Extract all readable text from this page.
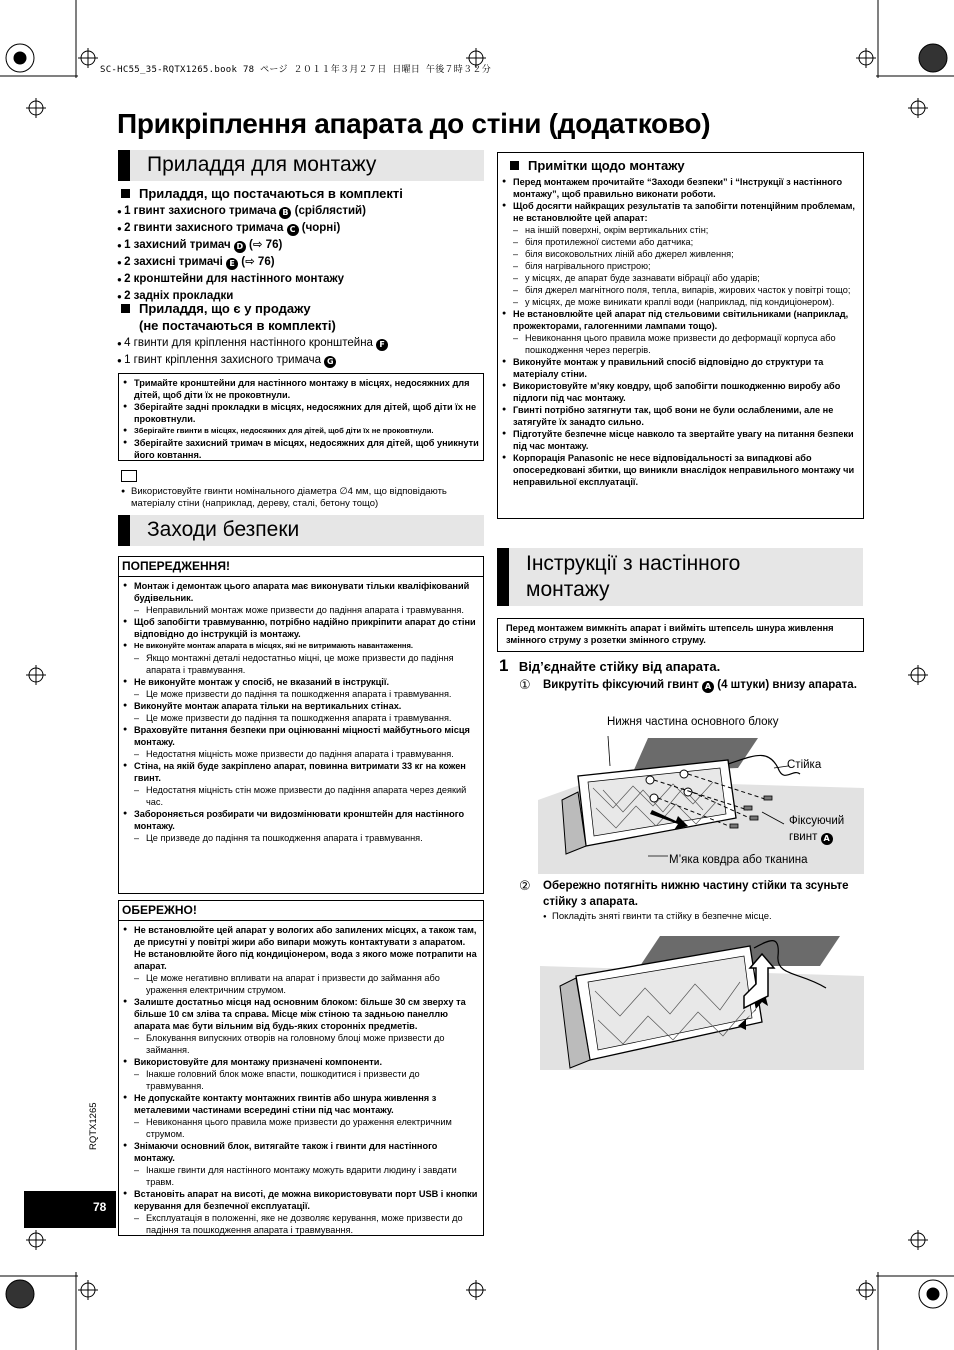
SC-HC55_35-RQTX1265.book 78 ページ ２０１１年３月２７日 日曜日 午後７時３２分
Прикріплення апарата до стіни (додатково)
Приладдя для монтажу
Приладдя, що постачаються в комплекті
● 1 гвинт захисного тримача B (сріблястий)
● 2 гвинти захисного тримача C (чорні)
● 1 захисний тримач D (⇨ 76)
● 2 захисні тримачі E (⇨ 76)
● 2 кронштейни для настінного монтажу
● 2 задніх прокладки
Приладдя, що є у продажу
(не постачаються в комплекті)
● 4 гвинти для кріплення настінного кронштейна F
● 1 гвинт кріплення захисного тримача G
● Тримайте кронштейни для настінного монтажу в місцях, недосяжних для дітей, щоб діти їх не проковтнули.
● Зберігайте задні прокладки в місцях, недосяжних для дітей, щоб діти їх не проковтнули.
● Зберігайте гвинти в місцях, недосяжних для дітей, щоб діти їх не проковтнули.
● Зберігайте захисний тримач в місцях, недосяжних для дітей, щоб уникнути його ковтання.
● Використовуйте гвинти номінального діаметра ∅4 мм, що відповідають матеріалу стіни (наприклад, дереву, сталі, бетону тощо)
Заходи безпеки
ПОПЕРЕДЖЕННЯ!
● Монтаж і демонтаж цього апарата має виконувати тільки кваліфікований будівельник.
– Неправильний монтаж може призвести до падіння апарата і травмування.
● Щоб запобігти травмуванню, потрібно надійно прикріпити апарат до стіни відповідно до інструкцій із монтажу.
● Не виконуйте монтаж апарата в місцях, які не витримають навантаження.
– Якщо монтажні деталі недостатньо міцні, це може призвести до падіння апарата і травмування.
● Не виконуйте монтаж у спосіб, не вказаний в інструкції.
– Це може призвести до падіння та пошкодження апарата і травмування.
● Виконуйте монтаж апарата тільки на вертикальних стінах.
– Це може призвести до падіння та пошкодження апарата і травмування.
● Враховуйте питання безпеки при оцінюванні міцності майбутнього місця монтажу.
– Недостатня міцність може призвести до падіння апарата і травмування.
● Стіна, на якій буде закріплено апарат, повинна витримати 33 кг на кожен гвинт.
– Недостатня міцність стін може призвести до падіння апарата через деякий час.
● Забороняється розбирати чи видозмінювати кронштейн для настінного монтажу.
– Це призведе до падіння та пошкодження апарата і травмування.
ОБЕРЕЖНО!
● Не встановлюйте цей апарат у вологих або запилених місцях, а також там, де присутні у повітрі жири або випари можуть контактувати з апаратом. Не встановлюйте його під кондиціонером, вода з якого може потрапити на апарат.
– Це може негативно впливати на апарат і призвести до займання або ураження електричним струмом.
● Залиште достатньо місця над основним блоком: більше 30 см зверху та більше 10 см зліва та справа. Місце між стіною та задньою панеллю апарата має бути вільним від будь-яких сторонніх предметів.
– Блокування випускних отворів на головному блоці може призвести до займання.
● Використовуйте для монтажу призначені компоненти.
– Інакше головний блок може впасти, пошкодитися і призвести до травмування.
● Не допускайте контакту монтажних гвинтів або шнура живлення з металевими частинами всередині стіни під час монтажу.
– Невиконання цього правила може призвести до ураження електричним струмом.
● Знімаючи основний блок, витягайте також і гвинти для настінного монтажу.
– Інакше гвинти для настінного монтажу можуть вдарити людину і завдати травм.
● Встановіть апарат на висоті, де можна використовувати порт USB і кнопки керування для безпечної експлуатації.
– Експлуатація в положенні, яке не дозволяє керування, може призвести до падіння та пошкодження апарата і травмування.
RQTX1265
78
Примітки щодо монтажу
● Перед монтажем прочитайте “Заходи безпеки” і “Інструкції з настінного монтажу”, щоб правильно виконати роботи.
● Щоб досягти найкращих результатів та запобігти потенційним проблемам, не встановлюйте цей апарат:
– на іншій поверхні, окрім вертикальних стін;
– біля протилежної системи або датчика;
– біля високовольтних ліній або джерел живлення;
– біля нагрівального пристрою;
– у місцях, де апарат буде зазнавати вібрації або ударів;
– біля джерел магнітного поля, тепла, випарів, жирових часток у повітрі тощо;
– у місцях, де може виникати краплі води (наприклад, під кондиціонером).
● Не встановлюйте цей апарат під стельовими світильниками (наприклад, прожекторами, галогенними лампами тощо).
– Невиконання цього правила може призвести до деформації корпуса або пошкодження через перегрів.
● Виконуйте монтаж у правильний спосіб відповідно до структури та матеріалу стіни.
● Використовуйте м’яку ковдру, щоб запобігти пошкодженню виробу або підлоги під час монтажу.
● Гвинті потрібно затягнути так, щоб вони не були ослабленими, але не затягуйте їх занадто сильно.
● Підготуйте безпечне місце навколо та звертайте увагу на питання безпеки під час монтажу.
● Корпорація Panasonic не несе відповідальності за випадкові або опосередковані збитки, що виникли внаслідок неправильного монтажу чи неправильної експлуатації.
Інструкції з настінного
монтажу
Перед монтажем вимкніть апарат і вийміть штепсель шнура живлення змінного струму з розетки змінного струму.
1 Від’єднайте стійку від апарата.
① Викрутіть фіксуючий гвинт A (4 штуки) внизу апарата.
Нижня частина основного блоку
Стійка
Фіксуючий
гвинт A
М’яка ковдра або тканина
② Обережно потягніть нижню частину стійки та зсуньте стійку з апарата.
● Покладіть зняті гвинти та стійку в безпечне місце.
